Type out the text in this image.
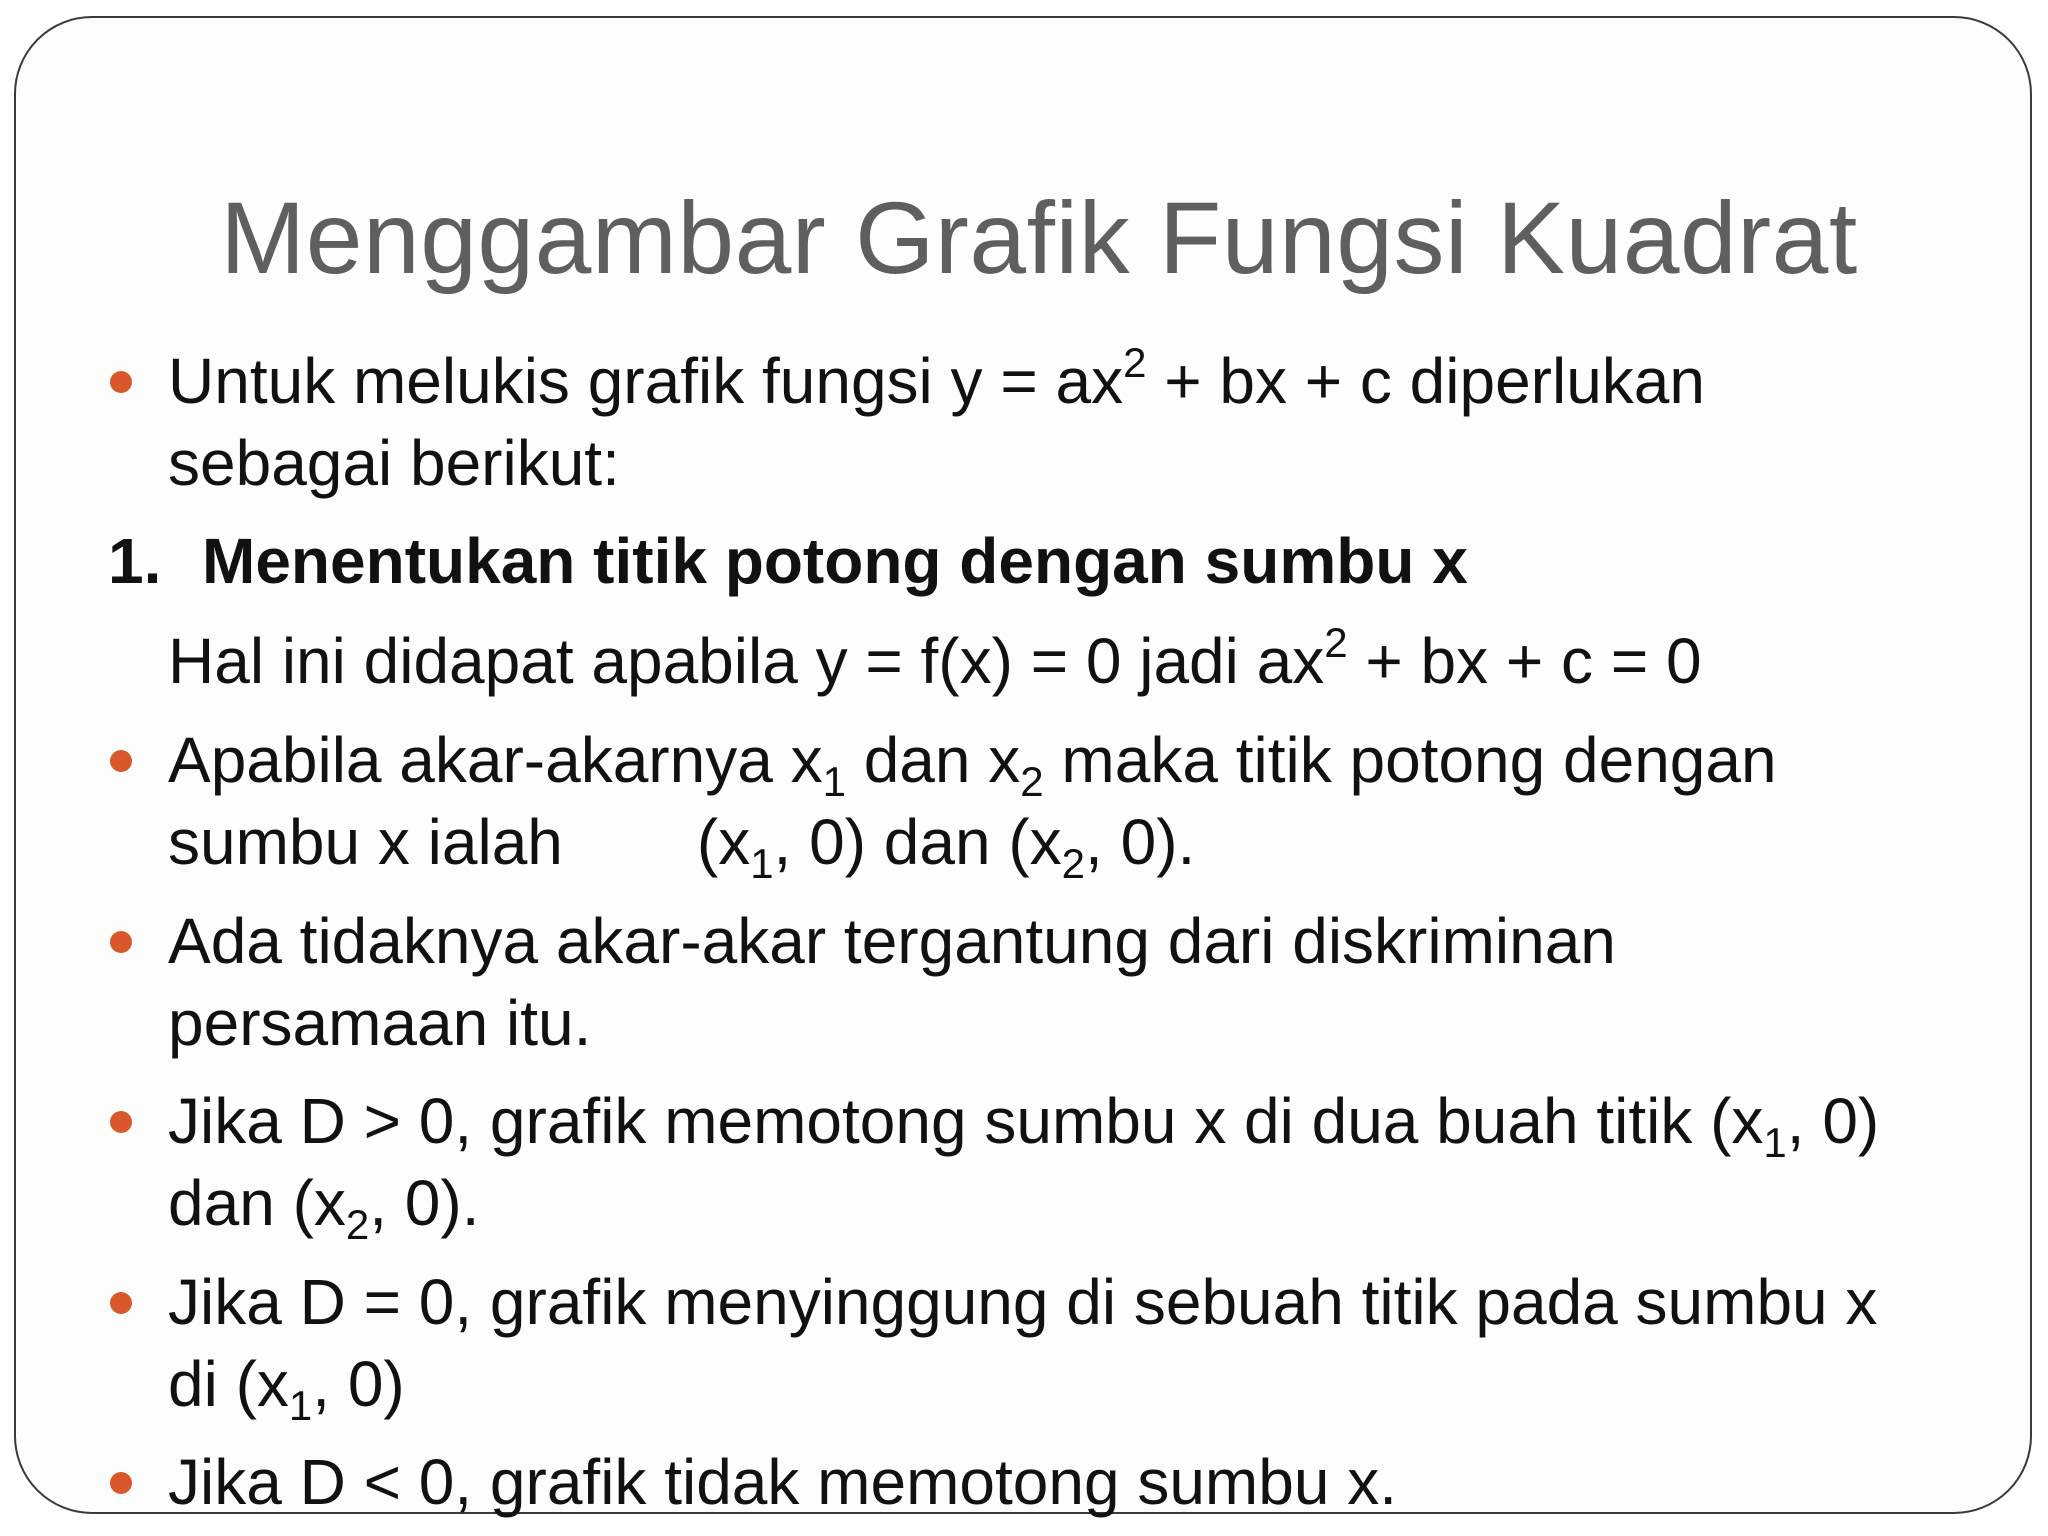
Menggambar Grafik Fungsi Kuadrat
Untuk melukis grafik fungsi $y = ax^2$ + bx + c diperlukan
sebagai berikut:
1. Menentukan titik potong dengan sumbu x
Hal ini didapat apabila y = f(x) = 0 jadi $ax^2$ + bx + c = 0
Apabila akar-akarnya $x_1$ dan $x_2$ maka titik potong dengan
sumbu x ialah ($x_1$, 0) dan ($x_2$, 0).
Ada tidaknya akar-akar tergantung dari diskriminan
persamaan itu.
Jika D > 0, grafik memotong sumbu x di dua buah titik ($x_1$, 0)
dan ($x_2$, 0).
Jika D = 0, grafik menyinggung di sebuah titik pada sumbu x
di ($x_1$, 0)
Jika D < 0, grafik tidak memotong sumbu x.
